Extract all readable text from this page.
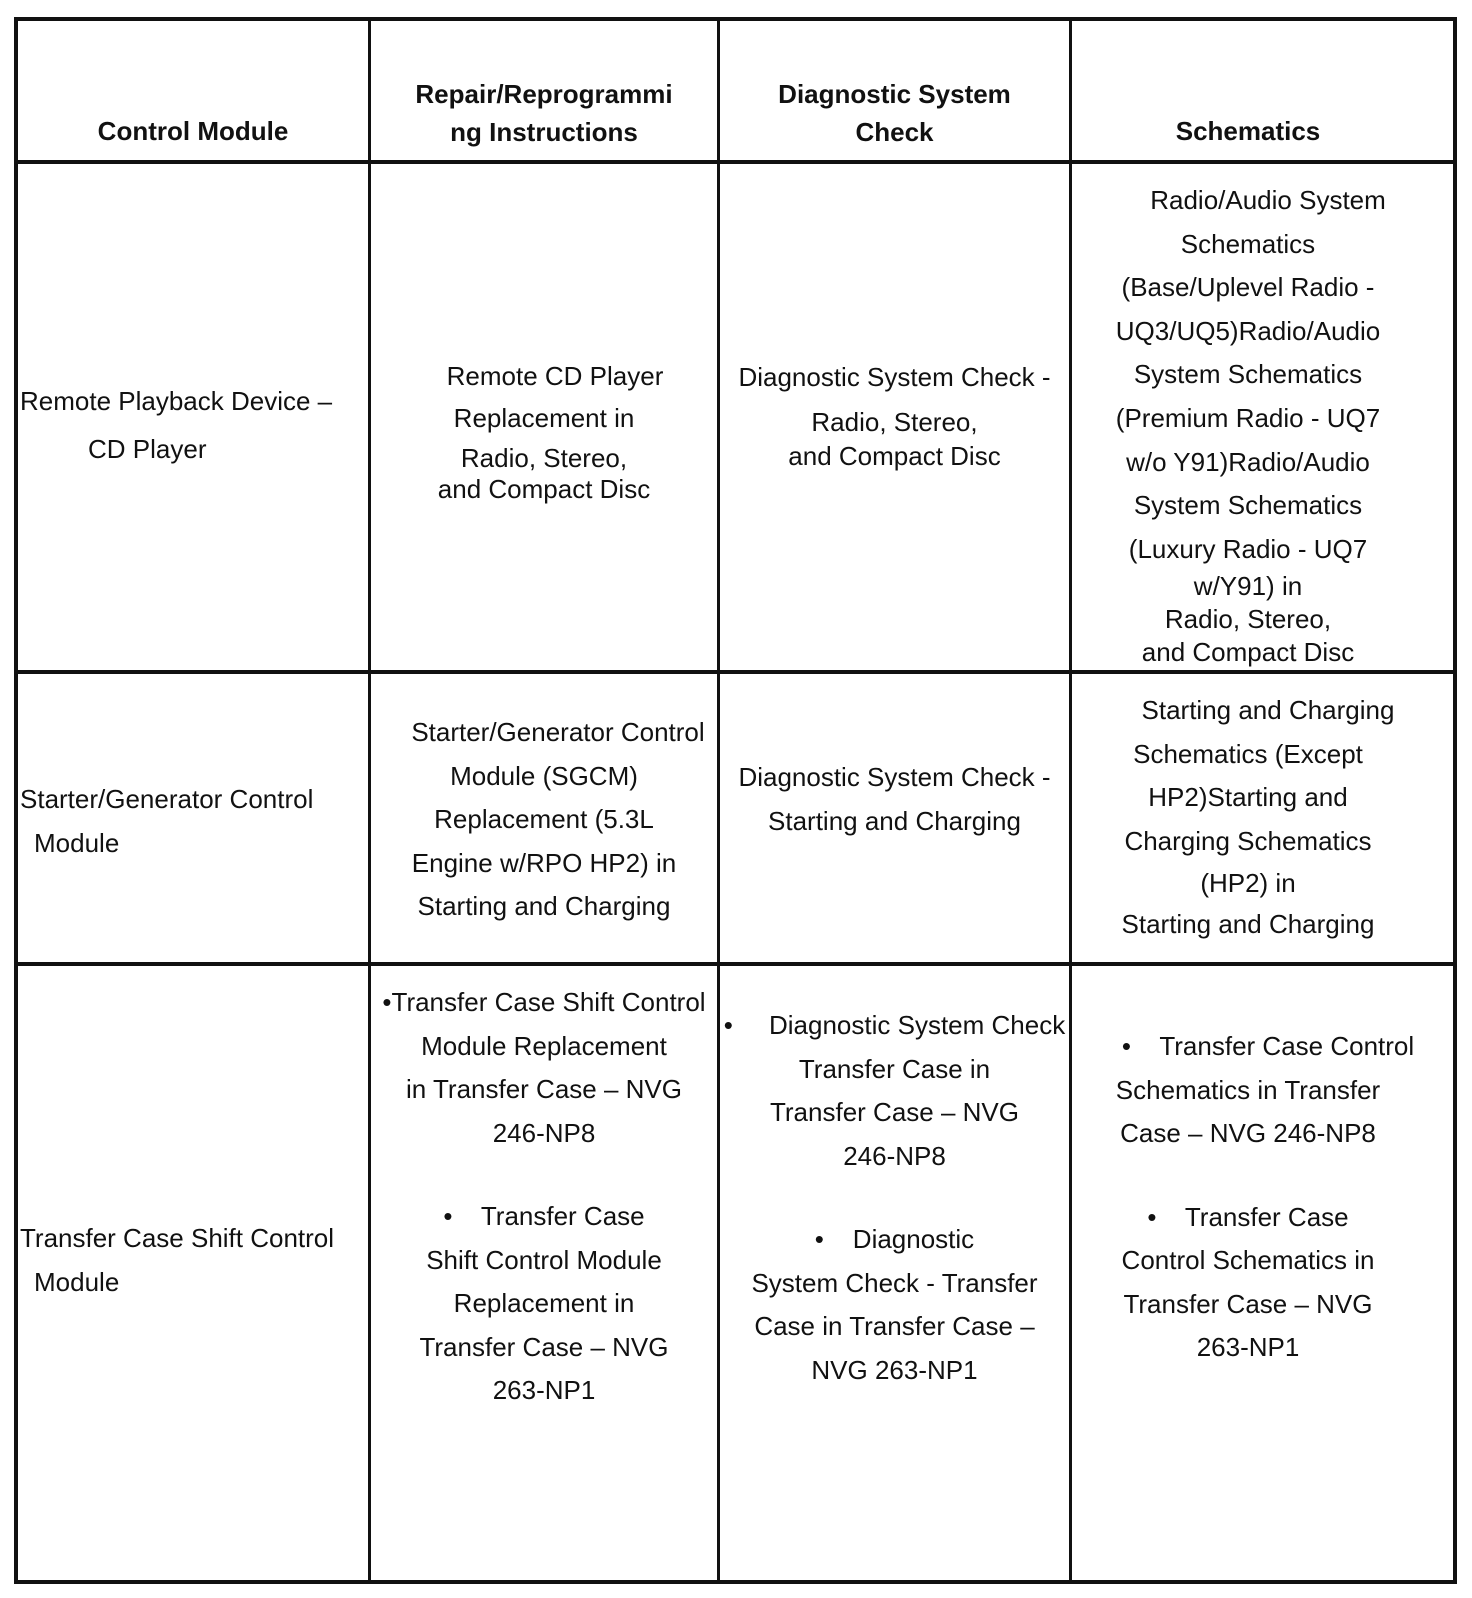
Control Module
Repair/Reprogrammi
ng Instructions
Diagnostic System
Check	Schematics
Remote Playback Device –
CD Player
Remote CD Player
Replacement in
Radio, Stereo,
and Compact Disc
Diagnostic System Check -
Radio, Stereo,
and Compact Disc
Radio/Audio System
Schematics
(Base/Uplevel Radio -
UQ3/UQ5)Radio/Audio
System Schematics
(Premium Radio - UQ7
w/o Y91)Radio/Audio
System Schematics
(Luxury Radio - UQ7
w/Y91) in
Radio, Stereo,
and Compact Disc
Starter/Generator Control
Module
Starter/Generator Control
Module (SGCM)
Replacement (5.3L
Engine w/RPO HP2) in
Starting and Charging
Diagnostic System Check -
Starting and Charging
Starting and Charging
Schematics (Except
HP2)Starting and
Charging Schematics
(HP2) in
Starting and Charging
Transfer Case Shift Control
Module
•Transfer Case Shift Control
Module Replacement
in Transfer Case – NVG
246-NP8
•    Transfer Case
Shift Control Module
Replacement in
Transfer Case – NVG
263-NP1
•     Diagnostic System Check
Transfer Case in
Transfer Case – NVG
246-NP8
•    Diagnostic
System Check - Transfer
Case in Transfer Case –
NVG 263-NP1
•    Transfer Case Control
Schematics in Transfer
Case – NVG 246-NP8
•    Transfer Case
Control Schematics in
Transfer Case – NVG
263-NP1
